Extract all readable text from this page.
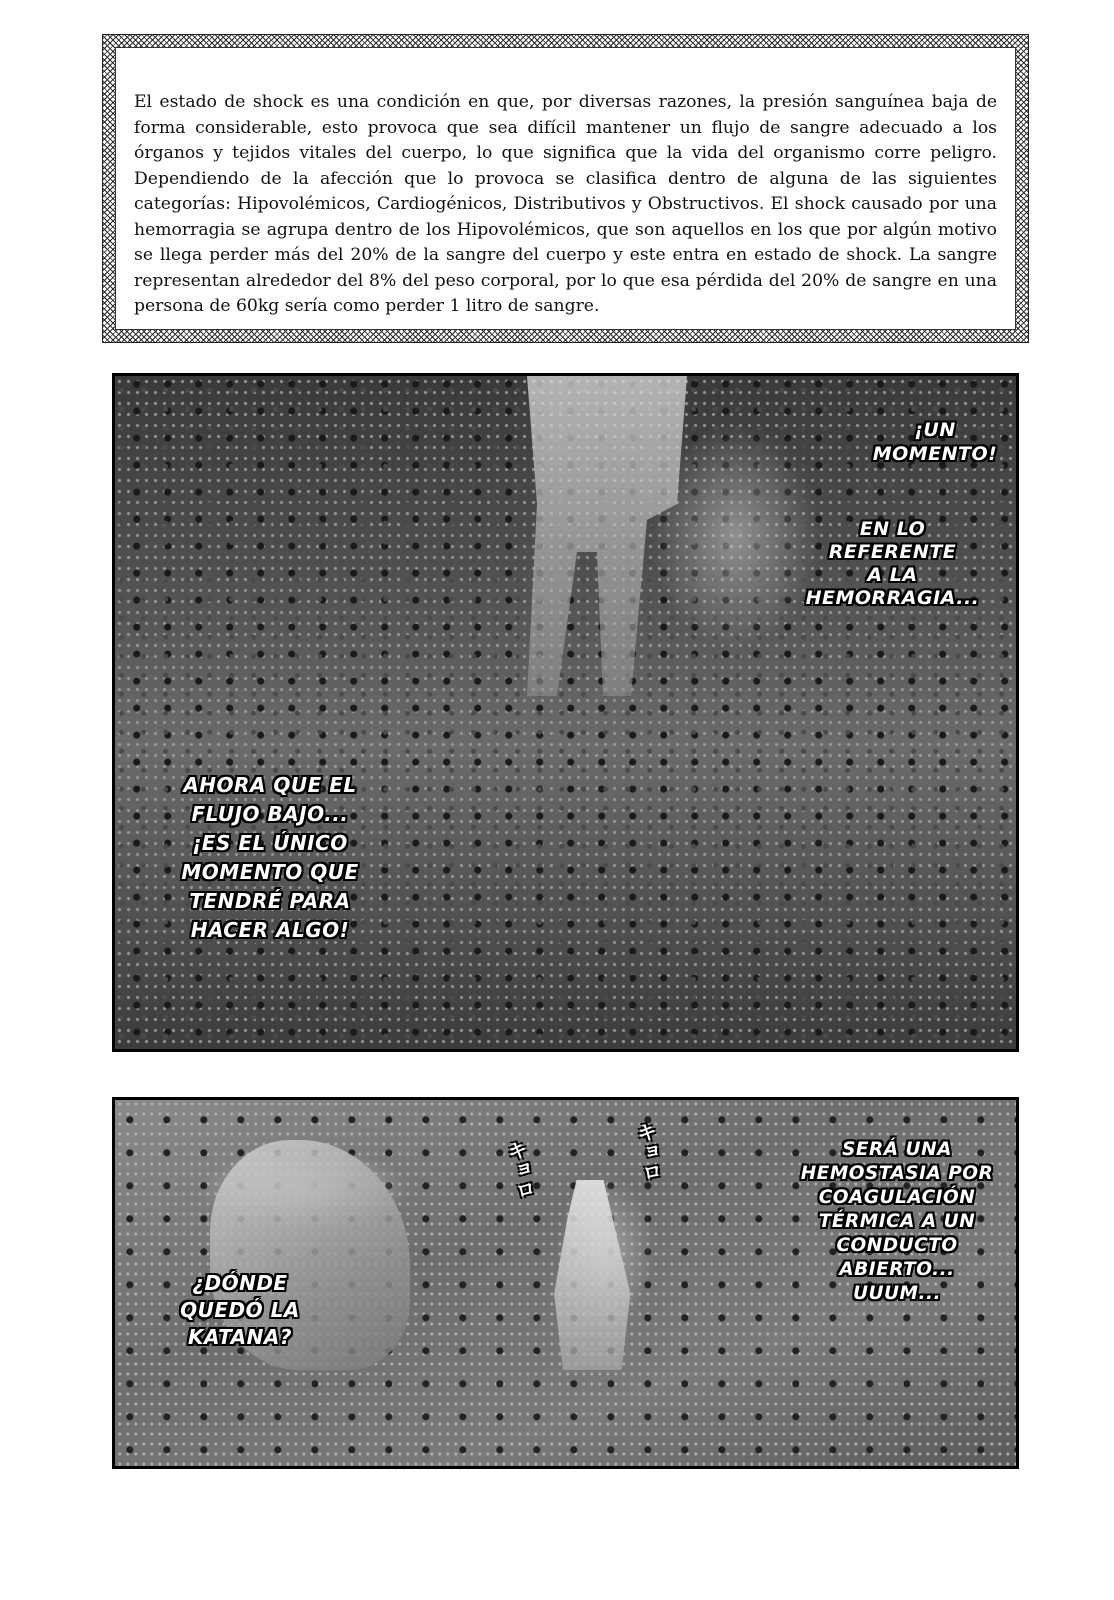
El estado de shock es una condición en que, por diversas razones, la presión sanguínea baja de forma considerable, esto provoca que sea difícil mantener un flujo de sangre adecuado a los órganos y tejidos vitales del cuerpo, lo que significa que la vida del organismo corre peligro. Dependiendo de la afección que lo provoca se clasifica dentro de alguna de las siguientes categorías: Hipovolémicos, Cardiogénicos, Distributivos y Obstructivos. El shock causado por una hemorragia se agrupa dentro de los Hipovolémicos, que son aquellos en los que por algún motivo se llega perder más del 20% de la sangre del cuerpo y este entra en estado de shock. La sangre representan alrededor del 8% del peso corporal, por lo que esa pérdida del 20% de sangre en una persona de 60kg sería como perder 1 litro de sangre.

¡UN
MOMENTO!

EN LO
REFERENTE
A LA
HEMORRAGIA...

AHORA QUE EL
FLUJO BAJO...
¡ES EL ÚNICO
MOMENTO QUE
TENDRÉ PARA
HACER ALGO!

キョロ	キョロ	SERÁ UNA
HEMOSTASIA POR
COAGULACIÓN
TÉRMICA A UN
CONDUCTO
ABIERTO...
UUUM...

¿DÓNDE
QUEDÓ LA
KATANA?
